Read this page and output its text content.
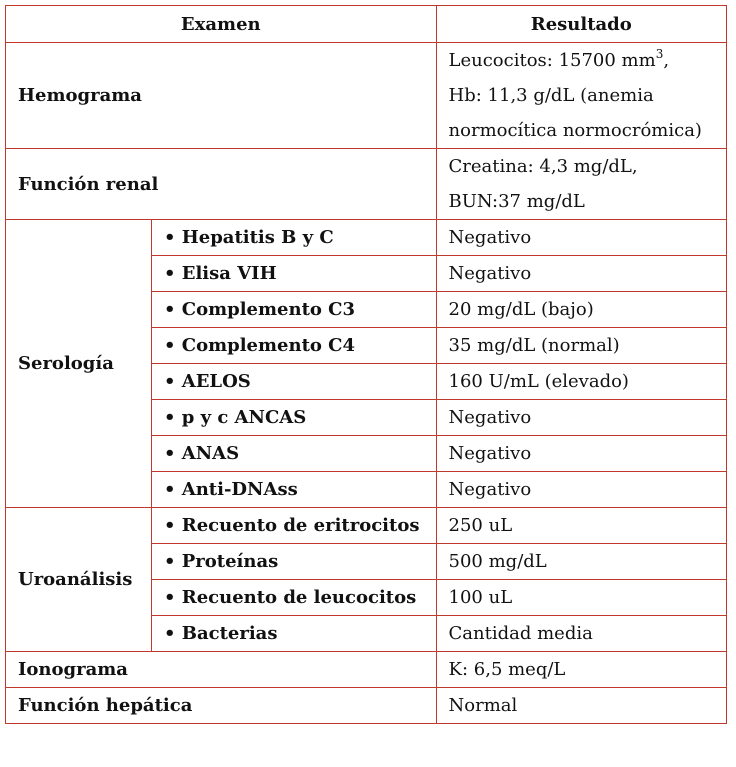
Examen		Resultado
Hemograma		Leucocitos: 15700 $mm^3$,
Hb: 11,3 g/dL (anemia
normocítica normocrómica)
Función renal		Creatina: 4,3 mg/dL,
BUN:37 mg/dL
Serología	• Hepatitis B y C	Negativo
	• Elisa VIH	Negativo
	• Complemento C3	20 mg/dL (bajo)
	• Complemento C4	35 mg/dL (normal)
	• AELOS	160 U/mL (elevado)
	• p y c ANCAS	Negativo
	• ANAS	Negativo
	• Anti-DNAss	Negativo
Uroanálisis	• Recuento de eritrocitos	250 uL
	• Proteínas	500 mg/dL
	• Recuento de leucocitos	100 uL
	• Bacterias	Cantidad media
Ionograma		K: 6,5 meq/L
Función hepática		Normal
